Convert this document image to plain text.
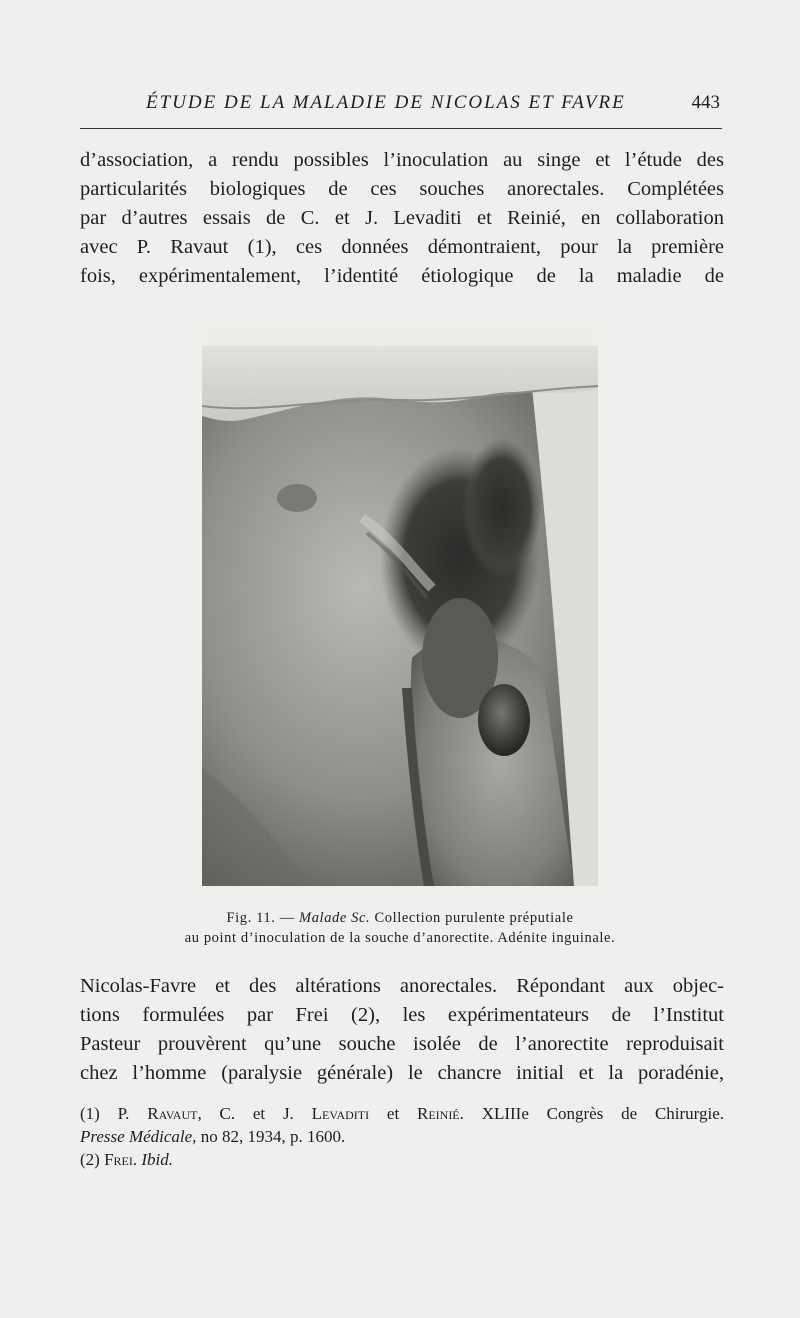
ÉTUDE DE LA MALADIE DE NICOLAS ET FAVRE	443
d’association, a rendu possibles l’inoculation au singe et l’étude des
particularités biologiques de ces souches anorectales. Complétées
par d’autres essais de C. et J. Levaditi et Reinié, en collaboration
avec P. Ravaut (1), ces données démontraient, pour la première
fois, expérimentalement, l’identité étiologique de la maladie de
Fig. 11. — Malade Sc. Collection purulente préputiale
au point d’inoculation de la souche d’anorectite. Adénite inguinale.
Nicolas-Favre et des altérations anorectales. Répondant aux objec-
tions formulées par Frei (2), les expérimentateurs de l’Institut
Pasteur prouvèrent qu’une souche isolée de l’anorectite reproduisait
chez l’homme (paralysie générale) le chancre initial et la poradénie,
(1) P. Ravaut, C. et J. Levaditi et Reinié. XLIIIe Congrès de Chirurgie.
Presse Médicale, no 82, 1934, p. 1600.
(2) Frei. Ibid.
